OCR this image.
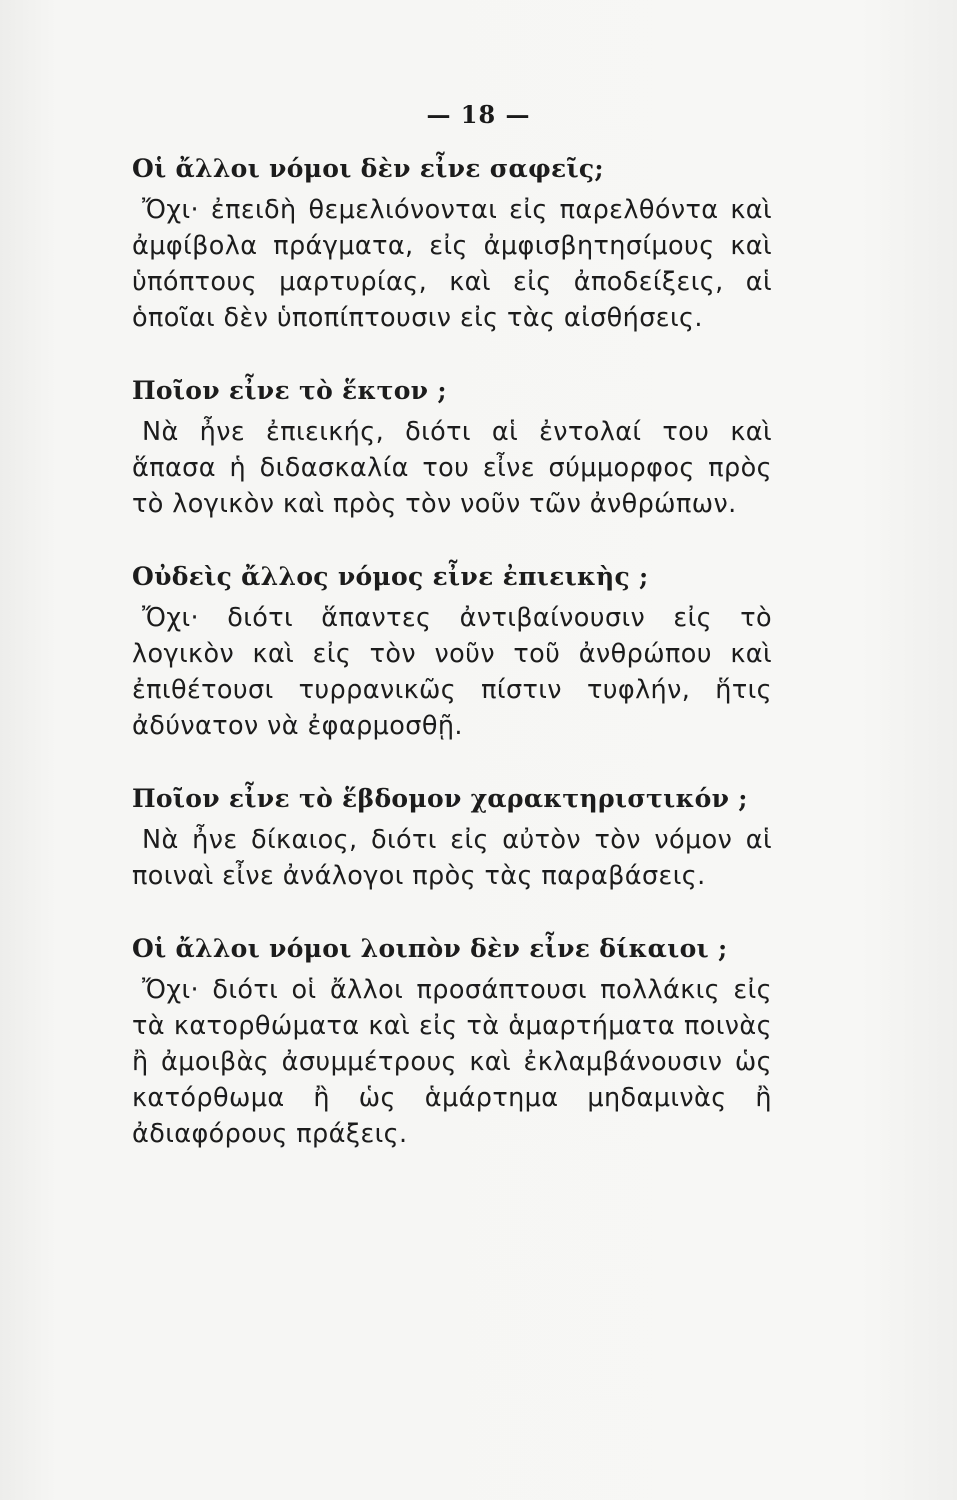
— 18 —

Οἱ ἄλλοι νόμοι δὲν εἶνε σαφεῖς;

Ὄχι· ἐπειδὴ θεμελιόνονται εἰς παρελθόντα καὶ ἀμφίβολα πράγματα, εἰς ἀμφισβητησίμους καὶ ὑπόπτους μαρτυρίας, καὶ εἰς ἀποδείξεις, αἱ ὁποῖαι δὲν ὑποπίπτουσιν εἰς τὰς αἰσθήσεις.

Ποῖον εἶνε τὸ ἕκτον ;

Νὰ ἦνε ἐπιεικής, διότι αἱ ἐντολαί του καὶ ἅπασα ἡ διδασκαλία του εἶνε σύμμορφος πρὸς τὸ λογικὸν καὶ πρὸς τὸν νοῦν τῶν ἀνθρώπων.

Οὐδεὶς ἄλλος νόμος εἶνε ἐπιεικὴς ;

Ὄχι· διότι ἅπαντες ἀντιβαίνουσιν εἰς τὸ λογικὸν καὶ εἰς τὸν νοῦν τοῦ ἀνθρώπου καὶ ἐπιθέτουσι τυρρανικῶς πίστιν τυφλήν, ἥτις ἀδύνατον νὰ ἐφαρμοσθῇ.

Ποῖον εἶνε τὸ ἕβδομον χαρακτηριστικόν ;

Νὰ ἦνε δίκαιος, διότι εἰς αὐτὸν τὸν νόμον αἱ ποιναὶ εἶνε ἀνάλογοι πρὸς τὰς παραβάσεις.

Οἱ ἄλλοι νόμοι λοιπὸν δὲν εἶνε δίκαιοι ;

Ὄχι· διότι οἱ ἄλλοι προσάπτουσι πολλάκις εἰς τὰ κατορθώματα καὶ εἰς τὰ ἁμαρτήματα ποινὰς ἢ ἀμοιβὰς ἀσυμμέτρους καὶ ἐκλαμβάνουσιν ὡς κατόρθωμα ἢ ὡς ἁμάρτημα μηδαμινὰς ἢ ἀδιαφόρους πράξεις.
